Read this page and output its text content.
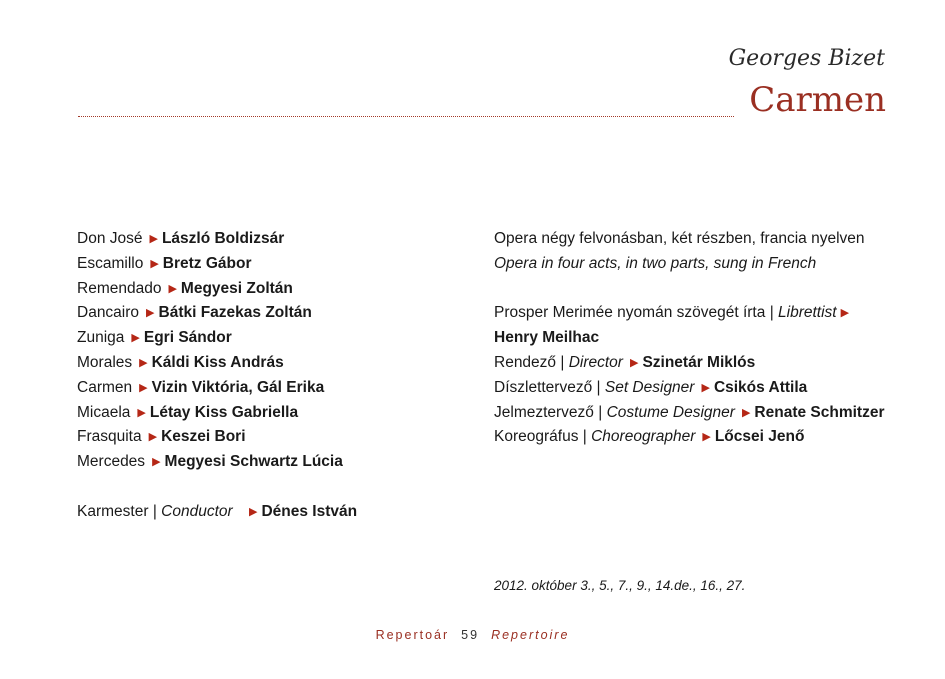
Georges Bizet
Carmen
Don José ▶ László Boldizsár
Escamillo ▶ Bretz Gábor
Remendado ▶ Megyesi Zoltán
Dancairo ▶ Bátki Fazekas Zoltán
Zuniga ▶ Egri Sándor
Morales ▶ Káldi Kiss András
Carmen ▶ Vizin Viktória, Gál Erika
Micaela ▶ Létay Kiss Gabriella
Frasquita ▶ Keszei Bori
Mercedes ▶ Megyesi Schwartz Lúcia
Karmester | Conductor ▶ Dénes István
Opera négy felvonásban, két részben, francia nyelven
Opera in four acts, in two parts, sung in French
Prosper Merimée nyomán szövegét írta | Librettist ▶
Henry Meilhac
Rendező | Director ▶ Szinetár Miklós
Díszlettervező | Set Designer ▶ Csikós Attila
Jelmeztervező | Costume Designer ▶ Renate Schmitzer
Koreográfus | Choreographer ▶ Lőcsei Jenő
2012. október 3., 5., 7., 9., 14.de., 16., 27.
Repertoár 59 Repertoire
